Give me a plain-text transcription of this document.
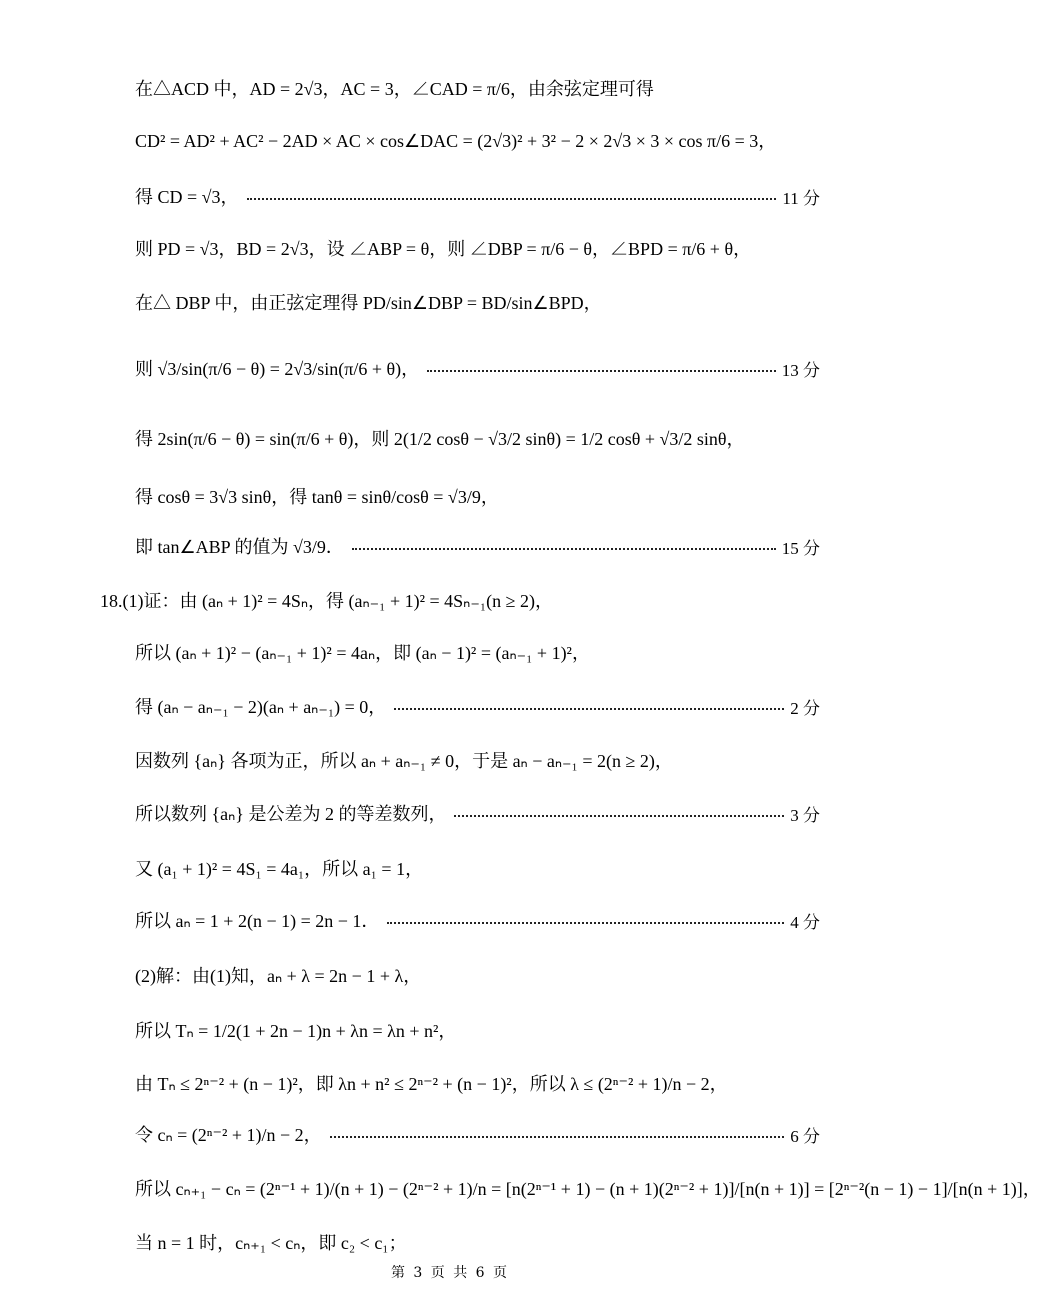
在△ACD 中，AD = 2√3，AC = 3，∠CAD = π/6，由余弦定理可得
CD² = AD² + AC² − 2AD × AC × cos∠DAC = (2√3)² + 3² − 2 × 2√3 × 3 × cos π/6 = 3，
得 CD = √3，	11 分
则 PD = √3，BD = 2√3，设 ∠ABP = θ，则 ∠DBP = π/6 − θ，∠BPD = π/6 + θ，
在△ DBP 中，由正弦定理得 PD/sin∠DBP = BD/sin∠BPD，
则 √3/sin(π/6 − θ) = 2√3/sin(π/6 + θ)，	13 分
得 2sin(π/6 − θ) = sin(π/6 + θ)，则 2(1/2 cosθ − √3/2 sinθ) = 1/2 cosθ + √3/2 sinθ，
得 cosθ = 3√3 sinθ，得 tanθ = sinθ/cosθ = √3/9，
即 tan∠ABP 的值为 √3/9．	15 分
18.(1)证：由 (aₙ + 1)² = 4Sₙ，得 (aₙ₋₁ + 1)² = 4Sₙ₋₁(n ≥ 2)，
所以 (aₙ + 1)² − (aₙ₋₁ + 1)² = 4aₙ，即 (aₙ − 1)² = (aₙ₋₁ + 1)²，
得 (aₙ − aₙ₋₁ − 2)(aₙ + aₙ₋₁) = 0，	2 分
因数列 {aₙ} 各项为正，所以 aₙ + aₙ₋₁ ≠ 0，于是 aₙ − aₙ₋₁ = 2(n ≥ 2)，
所以数列 {aₙ} 是公差为 2 的等差数列，	3 分
又 (a₁ + 1)² = 4S₁ = 4a₁，所以 a₁ = 1，
所以 aₙ = 1 + 2(n − 1) = 2n − 1．	4 分
(2)解：由(1)知，aₙ + λ = 2n − 1 + λ，
所以 Tₙ = 1/2(1 + 2n − 1)n + λn = λn + n²，
由 Tₙ ≤ 2ⁿ⁻² + (n − 1)²，即 λn + n² ≤ 2ⁿ⁻² + (n − 1)²，所以 λ ≤ (2ⁿ⁻² + 1)/n − 2，
令 cₙ = (2ⁿ⁻² + 1)/n − 2，	6 分
所以 cₙ₊₁ − cₙ = (2ⁿ⁻¹ + 1)/(n + 1) − (2ⁿ⁻² + 1)/n = [n(2ⁿ⁻¹ + 1) − (n + 1)(2ⁿ⁻² + 1)]/[n(n + 1)] = [2ⁿ⁻²(n − 1) − 1]/[n(n + 1)]，
当 n = 1 时，cₙ₊₁ < cₙ，即 c₂ < c₁；
第 3 页 共 6 页
